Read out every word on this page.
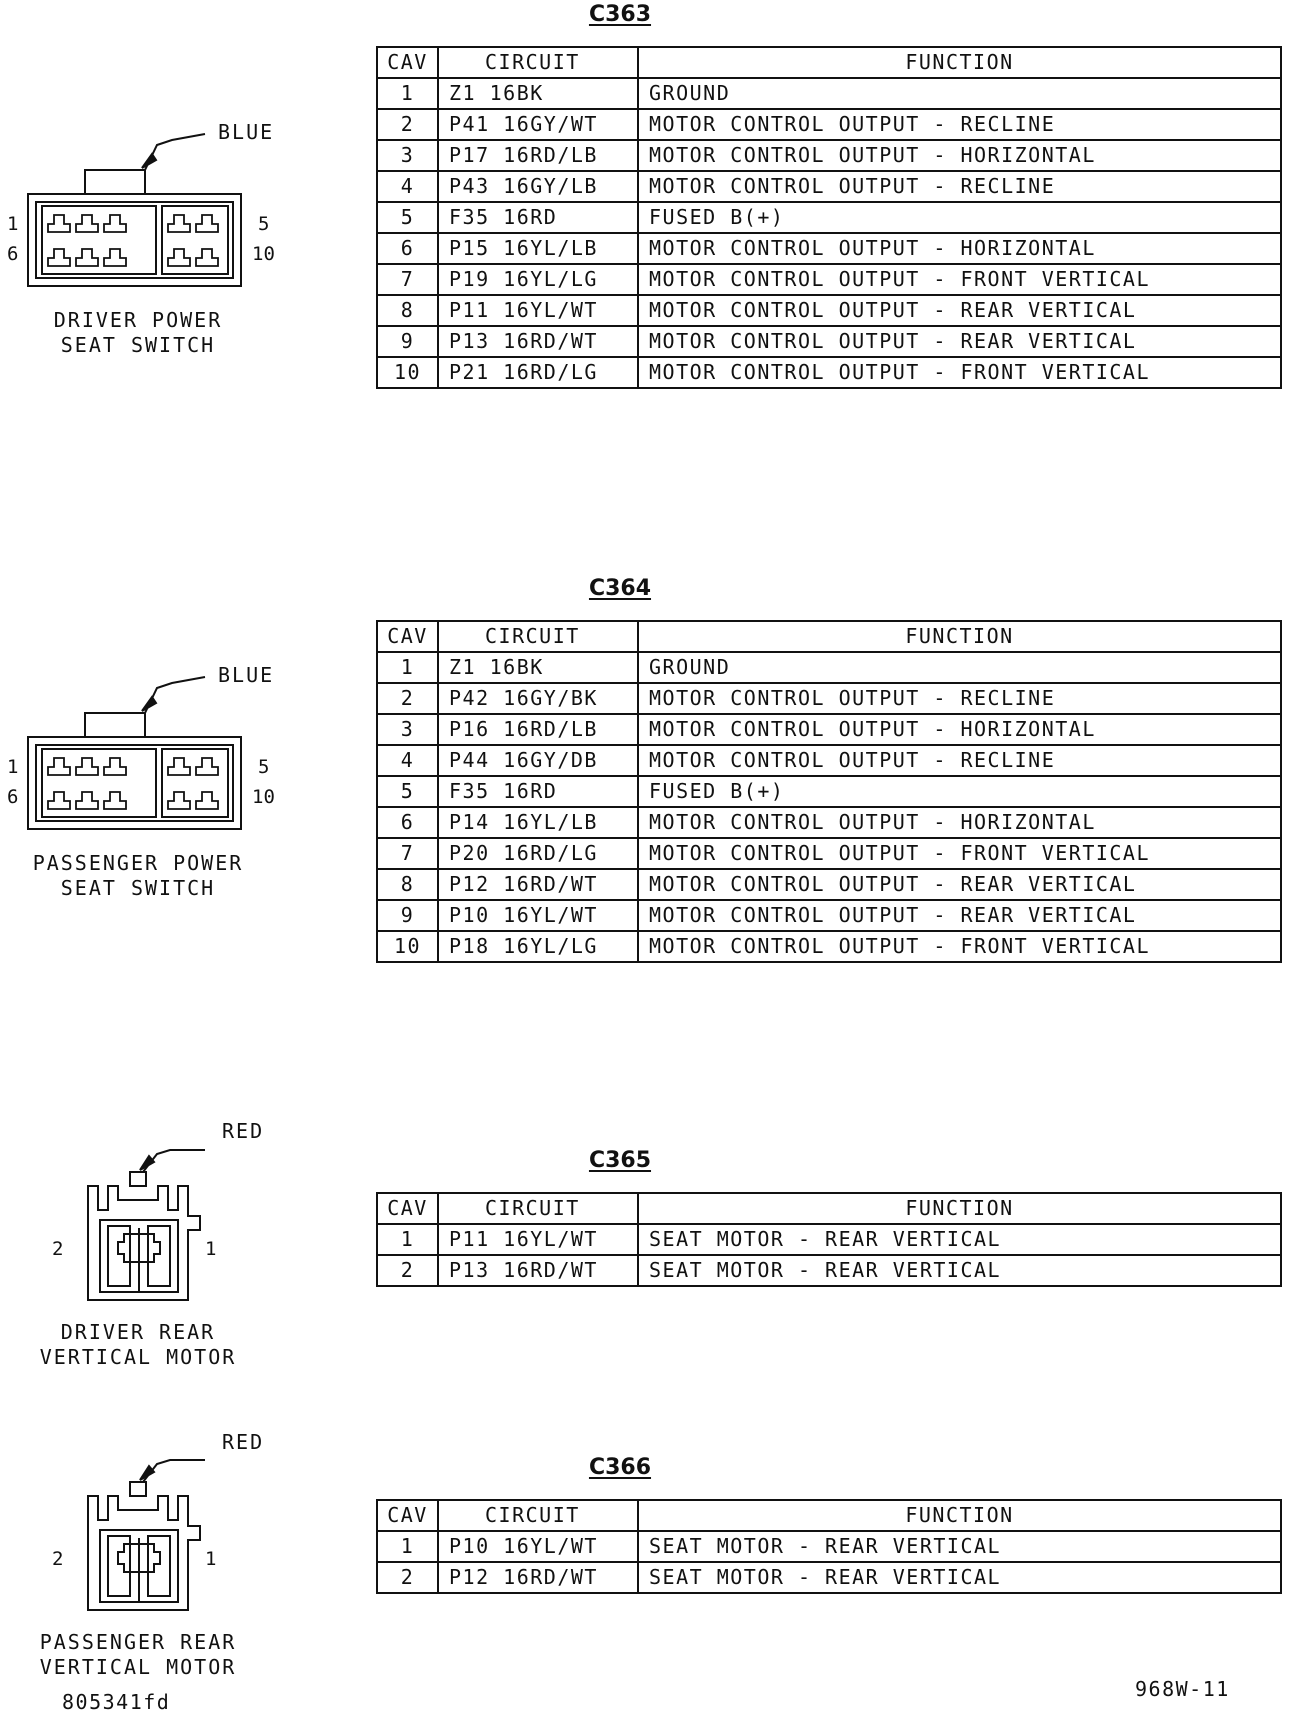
C363
CAV	CIRCUIT	FUNCTION
1	Z1 16BK	GROUND
2	P41 16GY/WT	MOTOR CONTROL OUTPUT - RECLINE
3	P17 16RD/LB	MOTOR CONTROL OUTPUT - HORIZONTAL
4	P43 16GY/LB	MOTOR CONTROL OUTPUT - RECLINE
5	F35 16RD	FUSED B(+)
6	P15 16YL/LB	MOTOR CONTROL OUTPUT - HORIZONTAL
7	P19 16YL/LG	MOTOR CONTROL OUTPUT - FRONT VERTICAL
8	P11 16YL/WT	MOTOR CONTROL OUTPUT - REAR VERTICAL
9	P13 16RD/WT	MOTOR CONTROL OUTPUT - REAR VERTICAL
10	P21 16RD/LG	MOTOR CONTROL OUTPUT - FRONT VERTICAL
BLUE
1	5
6	10
DRIVER POWER
SEAT SWITCH
C364
CAV	CIRCUIT	FUNCTION
1	Z1 16BK	GROUND
2	P42 16GY/BK	MOTOR CONTROL OUTPUT - RECLINE
3	P16 16RD/LB	MOTOR CONTROL OUTPUT - HORIZONTAL
4	P44 16GY/DB	MOTOR CONTROL OUTPUT - RECLINE
5	F35 16RD	FUSED B(+)
6	P14 16YL/LB	MOTOR CONTROL OUTPUT - HORIZONTAL
7	P20 16RD/LG	MOTOR CONTROL OUTPUT - FRONT VERTICAL
8	P12 16RD/WT	MOTOR CONTROL OUTPUT - REAR VERTICAL
9	P10 16YL/WT	MOTOR CONTROL OUTPUT - REAR VERTICAL
10	P18 16YL/LG	MOTOR CONTROL OUTPUT - FRONT VERTICAL
BLUE
1	5
6	10
PASSENGER POWER
SEAT SWITCH
C365
CAV	CIRCUIT	FUNCTION
1	P11 16YL/WT	SEAT MOTOR - REAR VERTICAL
2	P13 16RD/WT	SEAT MOTOR - REAR VERTICAL
RED
2	1
DRIVER REAR
VERTICAL MOTOR
C366
CAV	CIRCUIT	FUNCTION
1	P10 16YL/WT	SEAT MOTOR - REAR VERTICAL
2	P12 16RD/WT	SEAT MOTOR - REAR VERTICAL
RED
2	1
PASSENGER REAR
VERTICAL MOTOR
968W-11
805341fd
